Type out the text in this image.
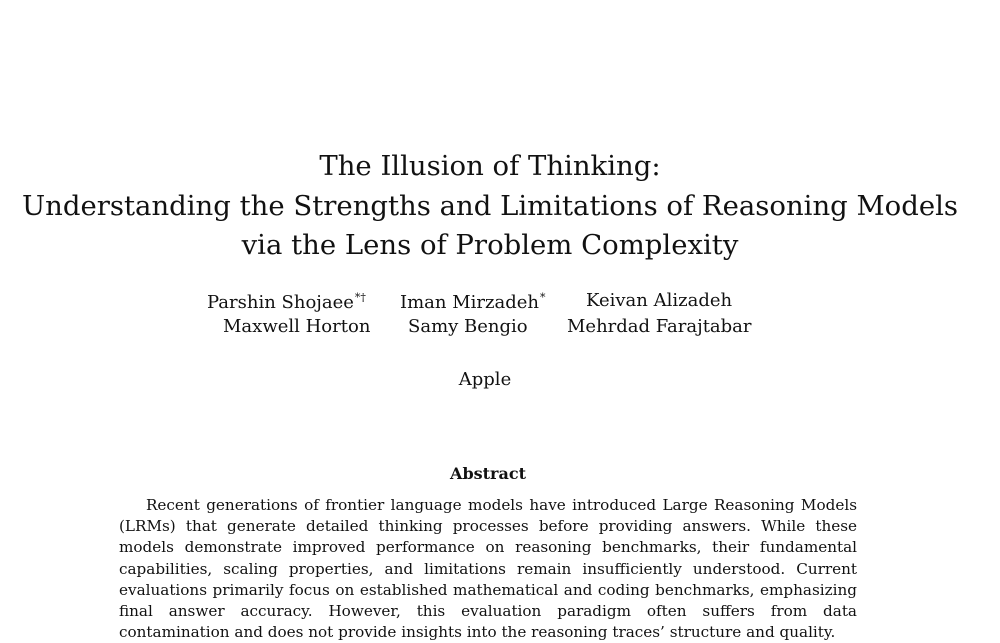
The Illusion of Thinking:
Understanding the Strengths and Limitations of Reasoning Models
via the Lens of Problem Complexity
Parshin Shojaee*† Iman Mirzadeh* Keivan Alizadeh
Maxwell Horton Samy Bengio Mehrdad Farajtabar
Apple
Abstract

Recent generations of frontier language models have introduced Large Reasoning Models (LRMs) that generate detailed thinking processes before providing answers. While these models demonstrate improved performance on reasoning benchmarks, their fundamental capabilities, scaling properties, and limitations remain insufficiently understood. Current evaluations primarily focus on established mathematical and coding benchmarks, emphasizing final answer accuracy. However, this evaluation paradigm often suffers from data contamination and does not provide insights into the reasoning traces’ structure and quality.
